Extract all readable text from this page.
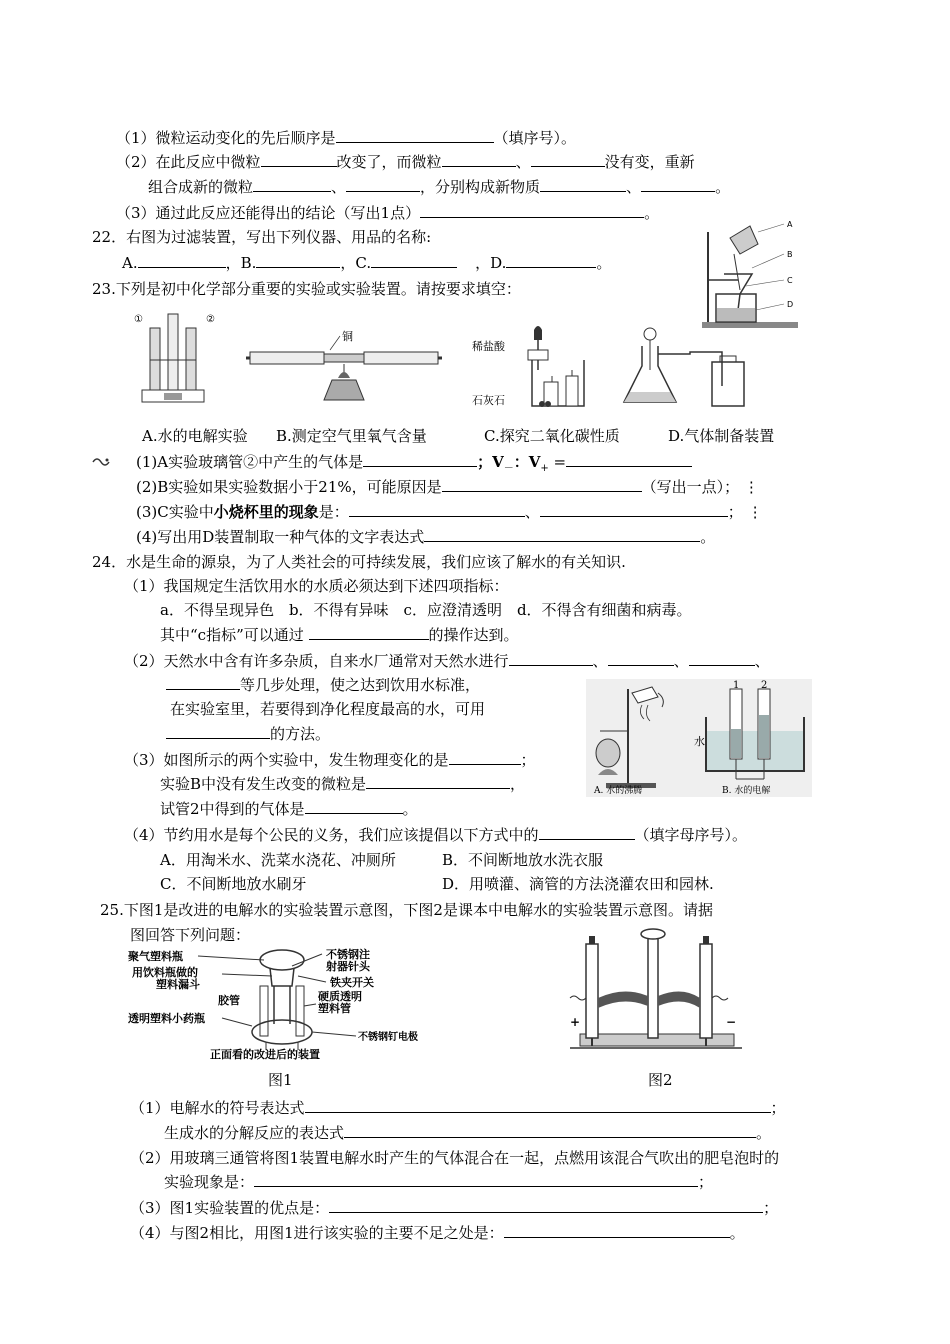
（1）微粒运动变化的先后顺序是	（填序号）。
（2）在此反应中微粒	改变了，而微粒	、	没有变，重新
组合成新的微粒	、	，分别构成新物质	、	。
（3）通过此反应还能得出的结论（写出1点）	。
22．右图为过滤装置，写出下列仪器、用品的名称:
A.	，B.	，C.	，D.	。
A
B
C
D
23.下列是初中化学部分重要的实验或实验装置。请按要求填空：
①	②
铜
稀盐酸
石灰石
A.水的电解实验 B.测定空气里氧气含量	C.探究二氧化碳性质	D.气体制备装置
(1)A实验玻璃管②中产生的气体是	；$V_-$：$V_+$ =
(2)B实验如果实验数据小于21%，可能原因是	（写出一点）； ⋮
(3)C实验中小烧杯里的现象是：	、	； ⋮
(4)写出用D装置制取一种气体的文字表达式	。
24．水是生命的源泉，为了人类社会的可持续发展，我们应该了解水的有关知识.
（1）我国规定生活饮用水的水质必须达到下述四项指标：
a．不得呈现异色　b．不得有异味　c．应澄清透明　d．不得含有细菌和病毒。
其中“c指标”可以通过	的操作达到。
（2）天然水中含有许多杂质，自来水厂通常对天然水进行	、	、	、
等几步处理，使之达到饮用水标准，
在实验室里，若要得到净化程度最高的水，可用
的方法。
（3）如图所示的两个实验中，发生物理变化的是	；
实验B中没有发生改变的微粒是	，
试管2中得到的气体是	。
A. 水的沸腾
1 2
水
B. 水的电解
（4）节约用水是每个公民的义务，我们应该提倡以下方式中的	（填字母序号）。
A．用淘米水、洗菜水浇花、冲厕所	B．不间断地放水洗衣服
C．不间断地放水刷牙	D．用喷灌、滴管的方法浇灌农田和园林.
25.下图1是改进的电解水的实验装置示意图，下图2是课本中电解水的实验装置示意图。请据
图回答下列问题：
聚气塑料瓶
用饮料瓶做的
塑料漏斗
胶管
透明塑料小药瓶
不锈钢注
射器针头
铁夹开关
硬质透明
塑料管
不锈钢钉电极
正面看的改进后的装置
+	−
图1	图2
（1）电解水的符号表达式	；
生成水的分解反应的表达式	。
（2）用玻璃三通管将图1装置电解水时产生的气体混合在一起，点燃用该混合气吹出的肥皂泡时的
实验现象是：	；
（3）图1实验装置的优点是：	；
（4）与图2相比，用图1进行该实验的主要不足之处是：	。
